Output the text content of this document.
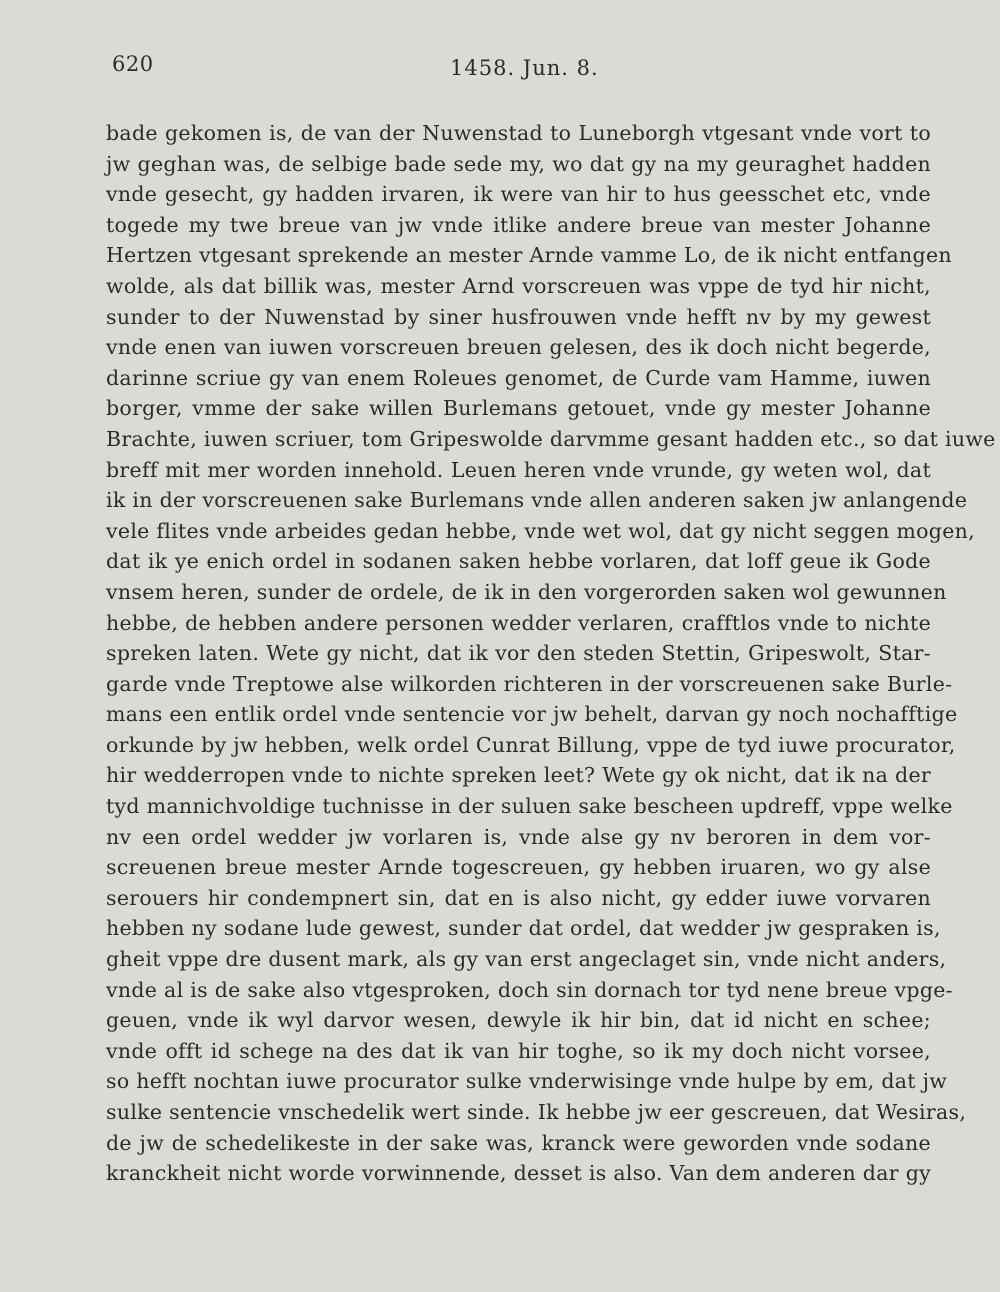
620	1458. Jun. 8.
bade gekomen is, de van der Nuwenstad to Luneborgh vtgesant vnde vort to
jw geghan was, de selbige bade sede my, wo dat gy na my geuraghet hadden
vnde gesecht, gy hadden irvaren, ik were van hir to hus geesschet etc, vnde
togede my twe breue van jw vnde itlike andere breue van mester Johanne
Hertzen vtgesant sprekende an mester Arnde vamme Lo, de ik nicht entfangen
wolde, als dat billik was, mester Arnd vorscreuen was vppe de tyd hir nicht,
sunder to der Nuwenstad by siner husfrouwen vnde hefft nv by my gewest
vnde enen van iuwen vorscreuen breuen gelesen, des ik doch nicht begerde,
darinne scriue gy van enem Roleues genomet, de Curde vam Hamme, iuwen
borger, vmme der sake willen Burlemans getouet, vnde gy mester Johanne
Brachte, iuwen scriuer, tom Gripeswolde darvmme gesant hadden etc., so dat iuwe
breff mit mer worden innehold. Leuen heren vnde vrunde, gy weten wol, dat
ik in der vorscreuenen sake Burlemans vnde allen anderen saken jw anlangende
vele flites vnde arbeides gedan hebbe, vnde wet wol, dat gy nicht seggen mogen,
dat ik ye enich ordel in sodanen saken hebbe vorlaren, dat loff geue ik Gode
vnsem heren, sunder de ordele, de ik in den vorgerorden saken wol gewunnen
hebbe, de hebben andere personen wedder verlaren, crafftlos vnde to nichte
spreken laten. Wete gy nicht, dat ik vor den steden Stettin, Gripeswolt, Star-
garde vnde Treptowe alse wilkorden richteren in der vorscreuenen sake Burle-
mans een entlik ordel vnde sentencie vor jw behelt, darvan gy noch nochafftige
orkunde by jw hebben, welk ordel Cunrat Billung, vppe de tyd iuwe procurator,
hir wedderropen vnde to nichte spreken leet? Wete gy ok nicht, dat ik na der
tyd mannichvoldige tuchnisse in der suluen sake bescheen updreff, vppe welke
nv een ordel wedder jw vorlaren is, vnde alse gy nv beroren in dem vor-
screuenen breue mester Arnde togescreuen, gy hebben iruaren, wo gy alse
serouers hir condempnert sin, dat en is also nicht, gy edder iuwe vorvaren
hebben ny sodane lude gewest, sunder dat ordel, dat wedder jw gespraken is,
gheit vppe dre dusent mark, als gy van erst angeclaget sin, vnde nicht anders,
vnde al is de sake also vtgesproken, doch sin dornach tor tyd nene breue vpge-
geuen, vnde ik wyl darvor wesen, dewyle ik hir bin, dat id nicht en schee;
vnde offt id schege na des dat ik van hir toghe, so ik my doch nicht vorsee,
so hefft nochtan iuwe procurator sulke vnderwisinge vnde hulpe by em, dat jw
sulke sentencie vnschedelik wert sinde. Ik hebbe jw eer gescreuen, dat Wesiras,
de jw de schedelikeste in der sake was, kranck were geworden vnde sodane
kranckheit nicht worde vorwinnende, desset is also. Van dem anderen dar gy
